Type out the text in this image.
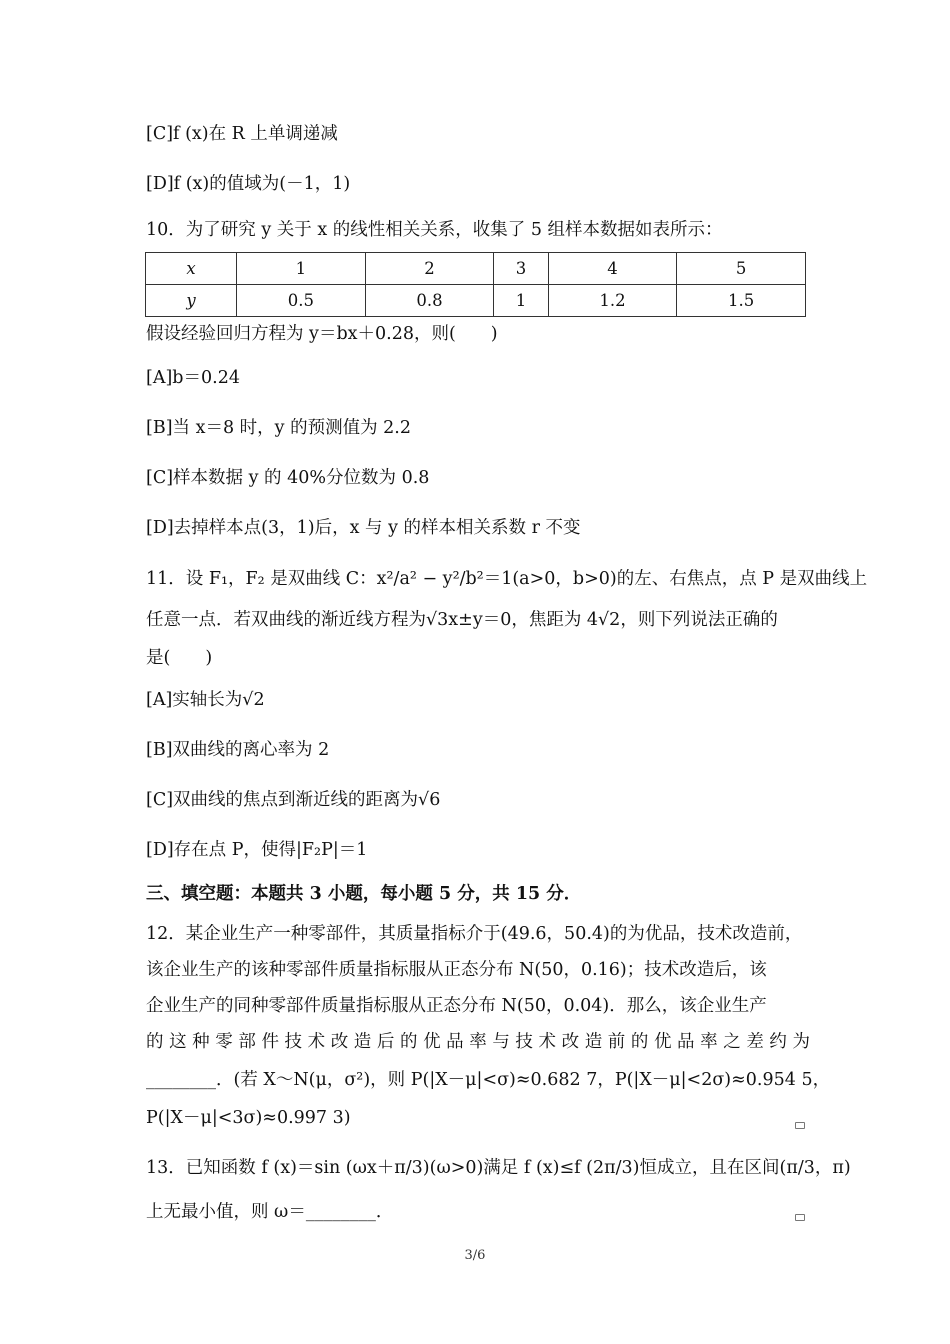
[C]f (x)在 R 上单调递减
[D]f (x)的值域为(－1，1)
10．为了研究 y 关于 x 的线性相关关系，收集了 5 组样本数据如表所示：
x	1	2	3	4	5
y	0.5	0.8	1	1.2	1.5
假设经验回归方程为 y＝bx＋0.28，则(　　)
[A]b＝0.24
[B]当 x＝8 时，y 的预测值为 2.2
[C]样本数据 y 的 40%分位数为 0.8
[D]去掉样本点(3，1)后，x 与 y 的样本相关系数 r 不变
11．设 F₁，F₂ 是双曲线 C：x²/a² − y²/b²＝1(a>0，b>0)的左、右焦点，点 P 是双曲线上
任意一点．若双曲线的渐近线方程为√3x±y＝0，焦距为 4√2，则下列说法正确的
是(　　)
[A]实轴长为√2
[B]双曲线的离心率为 2
[C]双曲线的焦点到渐近线的距离为√6
[D]存在点 P，使得|F₂P|＝1
三、填空题：本题共 3 小题，每小题 5 分，共 15 分．
12．某企业生产一种零部件，其质量指标介于(49.6，50.4)的为优品，技术改造前，
该企业生产的该种零部件质量指标服从正态分布 N(50，0.16)；技术改造后，该
企业生产的同种零部件质量指标服从正态分布 N(50，0.04)．那么，该企业生产
的这种零部件技术改造后的优品率与技术改造前的优品率之差约为
________．(若 X～N(μ，σ²)，则 P(|X－μ|<σ)≈0.682 7，P(|X－μ|<2σ)≈0.954 5，
P(|X－μ|<3σ)≈0.997 3)
13．已知函数 f (x)＝sin (ωx＋π/3)(ω>0)满足 f (x)≤f (2π/3)恒成立，且在区间(π/3，π)
上无最小值，则 ω＝________．
3/6
